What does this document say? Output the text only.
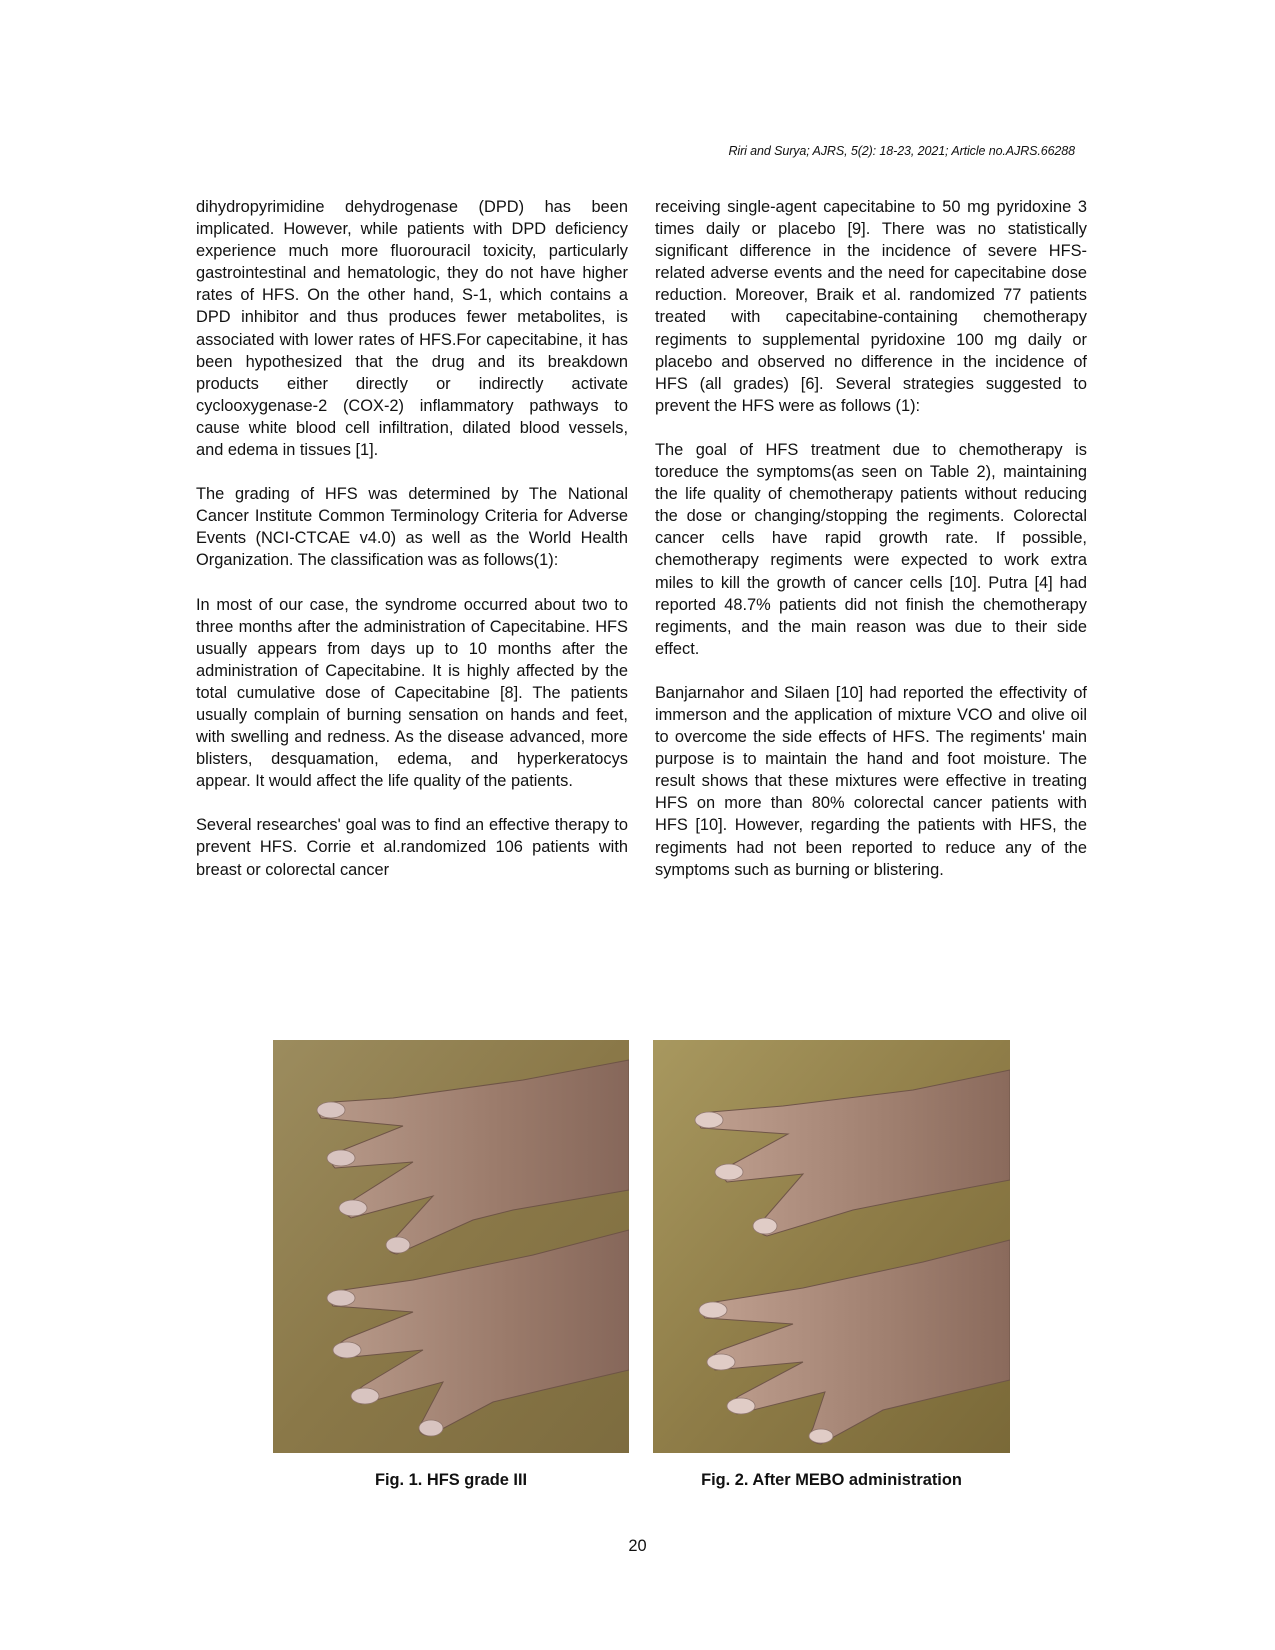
Riri and Surya; AJRS, 5(2): 18-23, 2021; Article no.AJRS.66288

dihydropyrimidine dehydrogenase (DPD) has been implicated. However, while patients with DPD deficiency experience much more fluorouracil toxicity, particularly gastrointestinal and hematologic, they do not have higher rates of HFS. On the other hand, S-1, which contains a DPD inhibitor and thus produces fewer metabolites, is associated with lower rates of HFS.For capecitabine, it has been hypothesized that the drug and its breakdown products either directly or indirectly activate cyclooxygenase-2 (COX-2) inflammatory pathways to cause white blood cell infiltration, dilated blood vessels, and edema in tissues [1].

The grading of HFS was determined by The National Cancer Institute Common Terminology Criteria for Adverse Events (NCI-CTCAE v4.0) as well as the World Health Organization. The classification was as follows(1):

In most of our case, the syndrome occurred about two to three months after the administration of Capecitabine. HFS usually appears from days up to 10 months after the administration of Capecitabine. It is highly affected by the total cumulative dose of Capecitabine [8]. The patients usually complain of burning sensation on hands and feet, with swelling and redness. As the disease advanced, more blisters, desquamation, edema, and hyperkeratocys appear. It would affect the life quality of the patients.

Several researches' goal was to find an effective therapy to prevent HFS. Corrie et al.randomized 106 patients with breast or colorectal cancer

receiving single-agent capecitabine to 50 mg pyridoxine 3 times daily or placebo [9]. There was no statistically significant difference in the incidence of severe HFS-related adverse events and the need for capecitabine dose reduction. Moreover, Braik et al. randomized 77 patients treated with capecitabine-containing chemotherapy regiments to supplemental pyridoxine 100 mg daily or placebo and observed no difference in the incidence of HFS (all grades) [6]. Several strategies suggested to prevent the HFS were as follows (1):

The goal of HFS treatment due to chemotherapy is toreduce the symptoms(as seen on Table 2), maintaining the life quality of chemotherapy patients without reducing the dose or changing/stopping the regiments. Colorectal cancer cells have rapid growth rate. If possible, chemotherapy regiments were expected to work extra miles to kill the growth of cancer cells [10]. Putra [4] had reported 48.7% patients did not finish the chemotherapy regiments, and the main reason was due to their side effect.

Banjarnahor and Silaen [10] had reported the effectivity of immerson and the application of mixture VCO and olive oil to overcome the side effects of HFS. The regiments' main purpose is to maintain the hand and foot moisture. The result shows that these mixtures were effective in treating HFS on more than 80% colorectal cancer patients with HFS [10]. However, regarding the patients with HFS, the regiments had not been reported to reduce any of the symptoms such as burning or blistering.

Fig. 1. HFS grade III	Fig. 2. After MEBO administration
20
